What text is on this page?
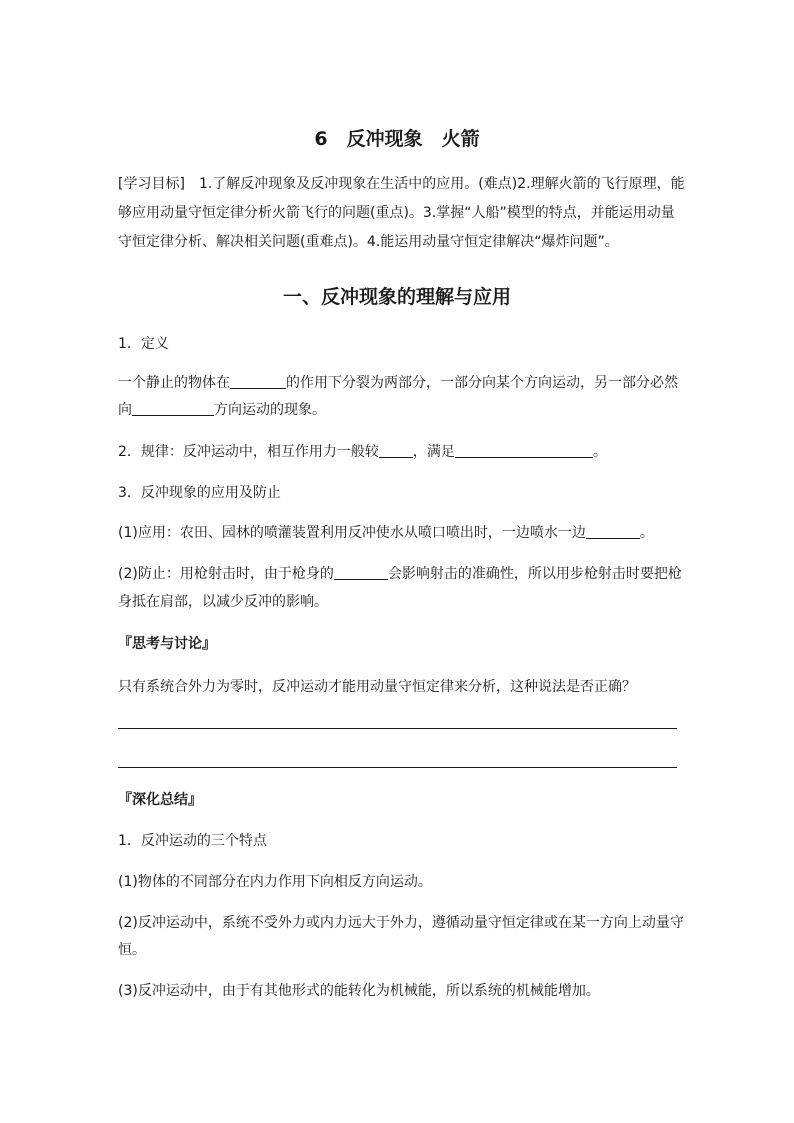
6　反冲现象　火箭
[学习目标]　 1.了解反冲现象及反冲现象在生活中的应用。(难点)2.理解火箭的飞行原理，能
够应用动量守恒定律分析火箭飞行的问题(重点)。3.掌握“人船”模型的特点，并能运用动量
守恒定律分析、解决相关问题(重难点)。4.能运用动量守恒定律解决“爆炸问题”。
一、反冲现象的理解与应用
1．定义
一个静止的物体在	的作用下分裂为两部分，一部分向某个方向运动，另一部分必然
向	方向运动的现象。
2．规律：反冲运动中，相互作用力一般较 ，满足	。
3．反冲现象的应用及防止
(1)应用：农田、园林的喷灌装置利用反冲使水从喷口喷出时，一边喷水一边	。
(2)防止：用枪射击时，由于枪身的	会影响射击的准确性，所以用步枪射击时要把枪
身抵在肩部，以减少反冲的影响。
『思考与讨论』
只有系统合外力为零时，反冲运动才能用动量守恒定律来分析，这种说法是否正确？
『深化总结』
1．反冲运动的三个特点
(1)物体的不同部分在内力作用下向相反方向运动。
(2)反冲运动中，系统不受外力或内力远大于外力，遵循动量守恒定律或在某一方向上动量守
恒。
(3)反冲运动中，由于有其他形式的能转化为机械能，所以系统的机械能增加。
